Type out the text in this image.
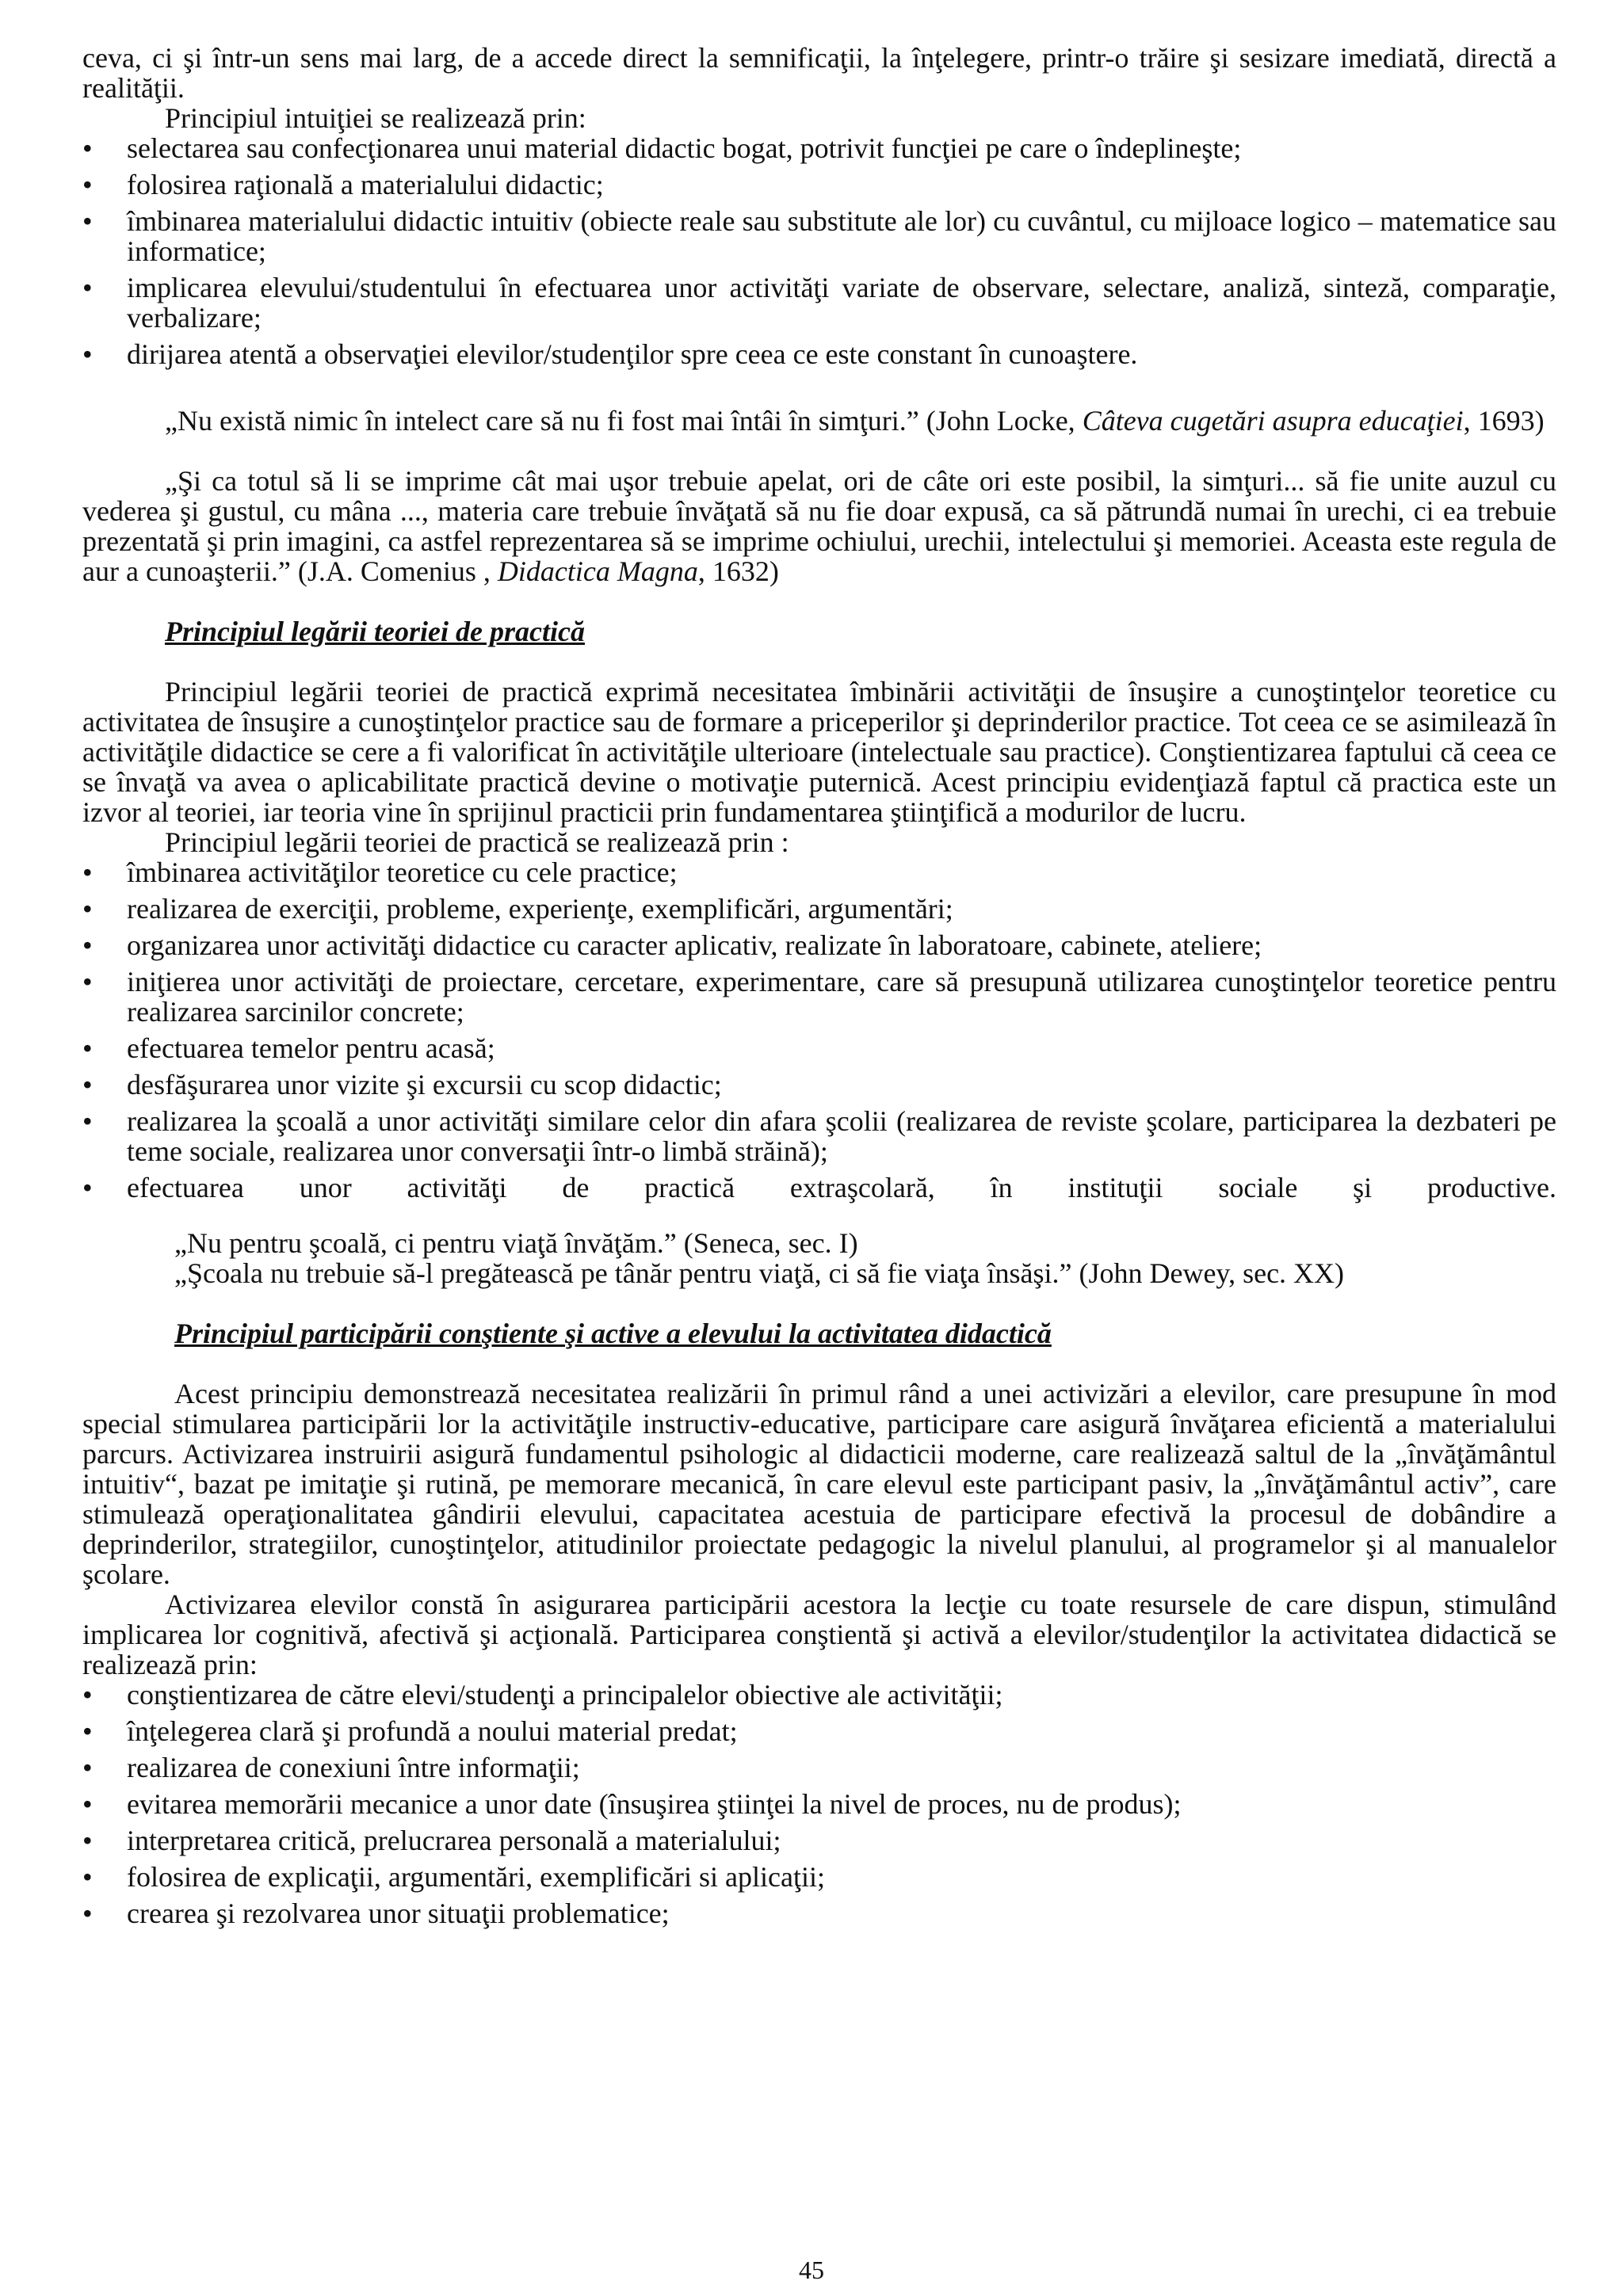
ceva, ci şi într-un sens mai larg, de a accede direct la semnificaţii, la înţelegere, printr-o trăire şi sesizare imediată, directă a realităţii.

Principiul intuiţiei se realizează prin:

•	selectarea sau confecţionarea unui material didactic bogat, potrivit funcţiei pe care o îndeplineşte;
•	folosirea raţională a materialului didactic;
•	îmbinarea materialului didactic intuitiv (obiecte reale sau substitute ale lor) cu cuvântul, cu mijloace logico – matematice sau informatice;
•	implicarea elevului/studentului în efectuarea unor activităţi variate de observare, selectare, analiză, sinteză, comparaţie, verbalizare;
•	dirijarea atentă a observaţiei elevilor/studenţilor spre ceea ce este constant în cunoaştere.

„Nu există nimic în intelect care să nu fi fost mai întâi în simţuri.” (John Locke, Câteva cugetări asupra educaţiei, 1693)

„Şi ca totul să li se imprime cât mai uşor trebuie apelat, ori de câte ori este posibil, la simţuri... să fie unite auzul cu vederea şi gustul, cu mâna ..., materia care trebuie învăţată să nu fie doar expusă, ca să pătrundă numai în urechi, ci ea trebuie prezentată şi prin imagini, ca astfel reprezentarea să se imprime ochiului, urechii, intelectului şi memoriei. Aceasta este regula de aur a cunoaşterii.” (J.A. Comenius , Didactica Magna, 1632)

Principiul legării teoriei de practică

Principiul legării teoriei de practică exprimă necesitatea îmbinării activităţii de însuşire a cunoştinţelor teoretice cu activitatea de însuşire a cunoştinţelor practice sau de formare a priceperilor şi deprinderilor practice. Tot ceea ce se asimilează în activităţile didactice se cere a fi valorificat în activităţile ulterioare (intelectuale sau practice). Conştientizarea faptului că ceea ce se învaţă va avea o aplicabilitate practică devine o motivaţie puternică. Acest principiu evidenţiază faptul că practica este un izvor al teoriei, iar teoria vine în sprijinul practicii prin fundamentarea ştiinţifică a modurilor de lucru.

Principiul legării teoriei de practică se realizează prin :

•	îmbinarea activităţilor teoretice cu cele practice;
•	realizarea de exerciţii, probleme, experienţe, exemplificări, argumentări;
•	organizarea unor activităţi didactice cu caracter aplicativ, realizate în laboratoare, cabinete, ateliere;
•	iniţierea unor activităţi de proiectare, cercetare, experimentare, care să presupună utilizarea cunoştinţelor teoretice pentru realizarea sarcinilor concrete;
•	efectuarea temelor pentru acasă;
•	desfăşurarea unor vizite şi excursii cu scop didactic;
•	realizarea la şcoală a unor activităţi similare celor din afara şcolii (realizarea de reviste şcolare, participarea la dezbateri pe teme sociale, realizarea unor conversaţii într-o limbă străină);
•	efectuarea unor activităţi de practică extraşcolară, în instituţii sociale şi productive.

„Nu pentru şcoală, ci pentru viaţă învăţăm.” (Seneca, sec. I)

„Şcoala nu trebuie să-l pregătească pe tânăr pentru viaţă, ci să fie viaţa însăşi.” (John Dewey, sec. XX)

Principiul participării conştiente şi active a elevului la activitatea didactică

Acest principiu demonstrează necesitatea realizării în primul rând a unei activizări a elevilor, care presupune în mod special stimularea participării lor la activităţile instructiv-educative, participare care asigură învăţarea eficientă a materialului parcurs. Activizarea instruirii asigură fundamentul psihologic al didacticii moderne, care realizează saltul de la „învăţământul intuitiv“, bazat pe imitaţie şi rutină, pe memorare mecanică, în care elevul este participant pasiv, la „învăţământul activ”, care stimulează operaţionalitatea gândirii elevului, capacitatea acestuia de participare efectivă la procesul de dobândire a deprinderilor, strategiilor, cunoştinţelor, atitudinilor proiectate pedagogic la nivelul planului, al programelor şi al manualelor şcolare.

Activizarea elevilor constă în asigurarea participării acestora la lecţie cu toate resursele de care dispun, stimulând implicarea lor cognitivă, afectivă şi acţională. Participarea conştientă şi activă a elevilor/studenţilor la activitatea didactică se realizează prin:

•	conştientizarea de către elevi/studenţi a principalelor obiective ale activităţii;
•	înţelegerea clară şi profundă a noului material predat;
•	realizarea de conexiuni între informaţii;
•	evitarea memorării mecanice a unor date (însuşirea ştiinţei la nivel de proces, nu de produs);
•	interpretarea critică, prelucrarea personală a materialului;
•	folosirea de explicaţii, argumentări, exemplificări si aplicaţii;
•	crearea şi rezolvarea unor situaţii problematice;
45
